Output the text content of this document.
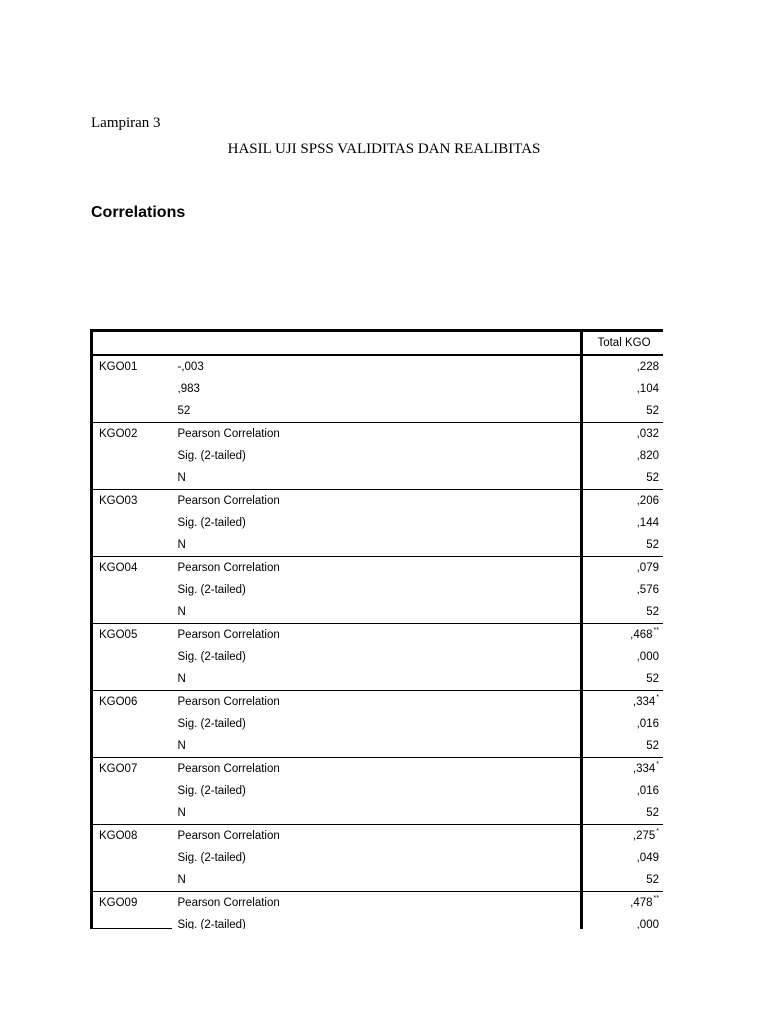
Lampiran 3

HASIL UJI SPSS VALIDITAS DAN REALIBITAS

Correlations
		Total KGO
KGO01	-,003	,228
	,983	,104
	52	52
KGO02	Pearson Correlation	,032
	Sig. (2-tailed)	,820
	N	52
KGO03	Pearson Correlation	,206
	Sig. (2-tailed)	,144
	N	52
KGO04	Pearson Correlation	,079
	Sig. (2-tailed)	,576
	N	52
KGO05	Pearson Correlation	,468**
	Sig. (2-tailed)	,000
	N	52
KGO06	Pearson Correlation	,334*
	Sig. (2-tailed)	,016
	N	52
KGO07	Pearson Correlation	,334*
	Sig. (2-tailed)	,016
	N	52
KGO08	Pearson Correlation	,275*
	Sig. (2-tailed)	,049
	N	52
KGO09	Pearson Correlation	,478**
	Sig. (2-tailed)	,000
